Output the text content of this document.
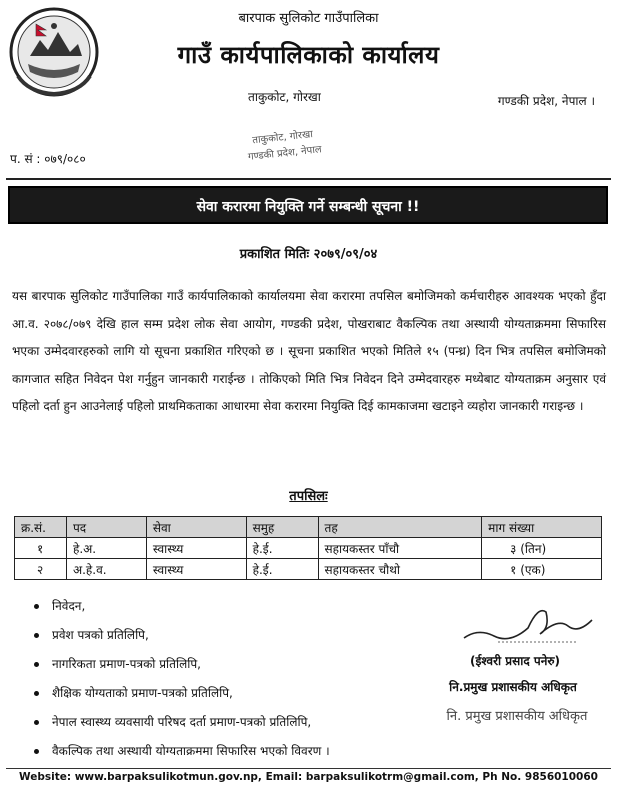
बारपाक सुलिकोट गाउँपालिका
गाउँ कार्यपालिकाको कार्यालय
ताकुकोट, गोरखा	गण्डकी प्रदेश, नेपाल ।
ताकुकोट, गोरखा
गण्डकी प्रदेश, नेपाल
प. सं : ०७९/०८०
सेवा करारमा नियुक्ति गर्ने सम्बन्धी सूचना !!
प्रकाशित मितिः २०७९/०९/०४
यस बारपाक सुलिकोट गाउँपालिका गाउँ कार्यपालिकाको कार्यालयमा सेवा करारमा तपसिल बमोजिमको कर्मचारीहरु आवश्यक भएको हुँदा आ.व. २०७८/०७९ देखि हाल सम्म प्रदेश लोक सेवा आयोग, गण्डकी प्रदेश, पोखराबाट वैकल्पिक तथा अस्थायी योग्यताक्रममा सिफारिस भएका उम्मेदवारहरुको लागि यो सूचना प्रकाशित गरिएको छ । सूचना प्रकाशित भएको मितिले १५ (पन्ध्र) दिन भित्र तपसिल बमोजिमको कागजात सहित निवेदन पेश गर्नुहुन जानकारी गराईन्छ । तोकिएको मिति भित्र निवेदन दिने उम्मेदवारहरु मध्येबाट योग्यताक्रम अनुसार एवं पहिलो दर्ता हुन आउनेलाई पहिलो प्राथमिकताका आधारमा सेवा करारमा नियुक्ति दिई कामकाजमा खटाइने व्यहोरा जानकारी गराइन्छ ।
तपसिलः
क्र.सं.	पद	सेवा	समुह	तह	माग संख्या
१	हे.अ.	स्वास्थ्य	हे.ई.	सहायकस्तर पाँचौ	३ (तिन)
२	अ.हे.व.	स्वास्थ्य	हे.ई.	सहायकस्तर चौथो	१ (एक)
निवेदन,
प्रवेश पत्रको प्रतिलिपि,
नागरिकता प्रमाण-पत्रको प्रतिलिपि,
शैक्षिक योग्यताको प्रमाण-पत्रको प्रतिलिपि,
नेपाल स्वास्थ्य व्यवसायी परिषद दर्ता प्रमाण-पत्रको प्रतिलिपि,
वैकल्पिक तथा अस्थायी योग्यताक्रममा सिफारिस भएको विवरण ।
(ईश्वरी प्रसाद पनेरु)
नि.प्रमुख प्रशासकीय अधिकृत
नि. प्रमुख प्रशासकीय अधिकृत
Website: www.barpaksulikotmun.gov.np, Email: barpaksulikotrm@gmail.com, Ph No. 9856010060
